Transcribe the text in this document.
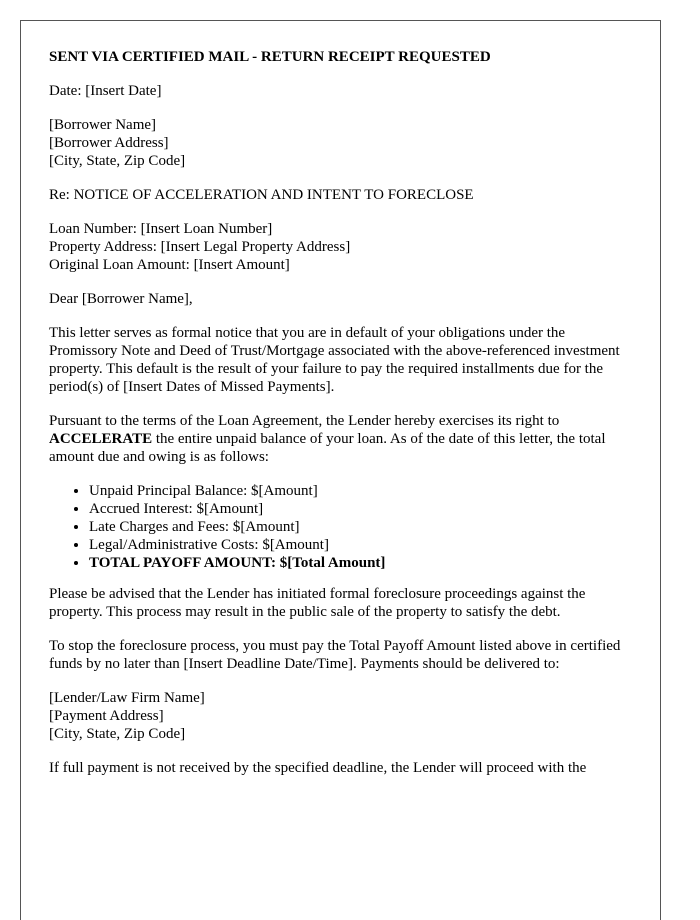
SENT VIA CERTIFIED MAIL - RETURN RECEIPT REQUESTED

Date: [Insert Date]

[Borrower Name]
[Borrower Address]
[City, State, Zip Code]

Re: NOTICE OF ACCELERATION AND INTENT TO FORECLOSE

Loan Number: [Insert Loan Number]
Property Address: [Insert Legal Property Address]
Original Loan Amount: [Insert Amount]

Dear [Borrower Name],

This letter serves as formal notice that you are in default of your obligations under the Promissory Note and Deed of Trust/Mortgage associated with the above-referenced investment property. This default is the result of your failure to pay the required installments due for the period(s) of [Insert Dates of Missed Payments].

Pursuant to the terms of the Loan Agreement, the Lender hereby exercises its right to ACCELERATE the entire unpaid balance of your loan. As of the date of this letter, the total amount due and owing is as follows:

• Unpaid Principal Balance: $[Amount]
• Accrued Interest: $[Amount]
• Late Charges and Fees: $[Amount]
• Legal/Administrative Costs: $[Amount]
• TOTAL PAYOFF AMOUNT: $[Total Amount]

Please be advised that the Lender has initiated formal foreclosure proceedings against the property. This process may result in the public sale of the property to satisfy the debt.

To stop the foreclosure process, you must pay the Total Payoff Amount listed above in certified funds by no later than [Insert Deadline Date/Time]. Payments should be delivered to:

[Lender/Law Firm Name]
[Payment Address]
[City, State, Zip Code]

If full payment is not received by the specified deadline, the Lender will proceed with the
